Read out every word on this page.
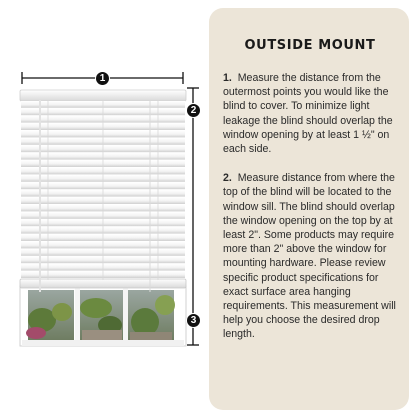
1
2
3
OUTSIDE MOUNT

1. Measure the distance from the outermost points you would like the blind to cover. To minimize light leakage the blind should overlap the window opening by at least 1 ½" on each side.

2. Measure distance from where the top of the blind will be located to the window sill. The blind should overlap the window opening on the top by at least 2". Some products may require more than 2" above the window for mounting hardware. Please review specific product specifications for exact surface area hanging requirements. This measurement will help you choose the desired drop length.
